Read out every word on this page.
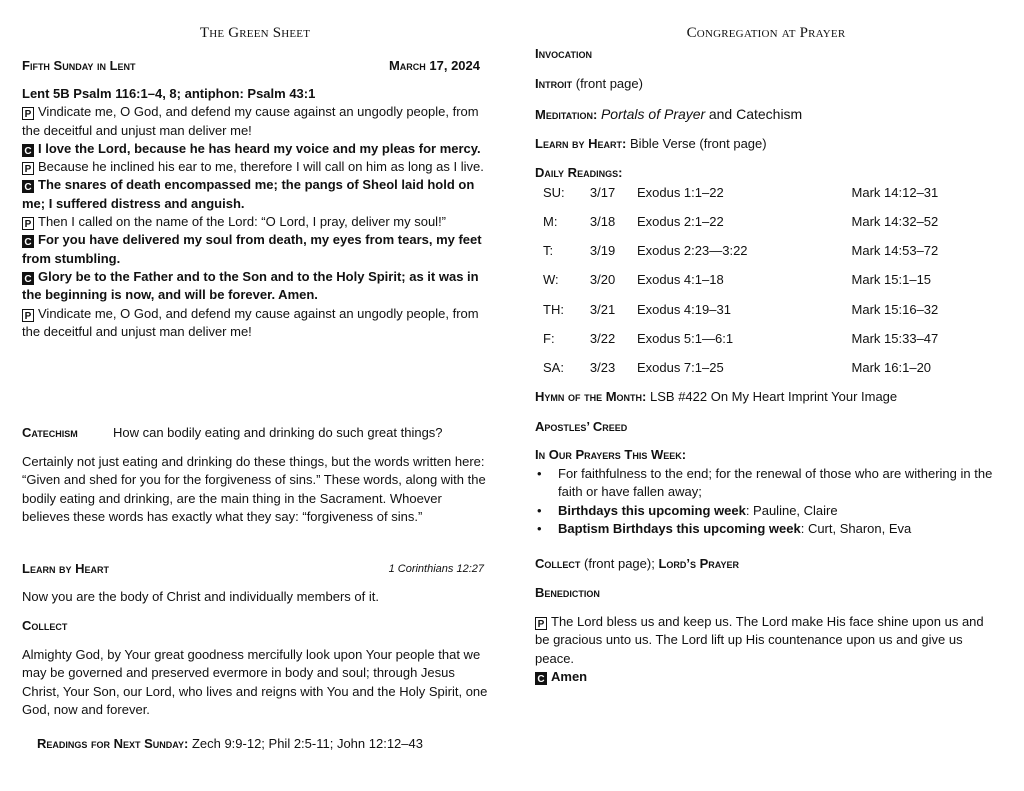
The Green Sheet
Fifth Sunday in Lent	March 17, 2024

Lent 5B Psalm 116:1–4, 8; antiphon: Psalm 43:1

P Vindicate me, O God, and defend my cause against an ungodly people, from the deceitful and unjust man deliver me!

C I love the Lord, because he has heard my voice and my pleas for mercy.

P Because he inclined his ear to me, therefore I will call on him as long as I live.

C The snares of death encompassed me; the pangs of Sheol laid hold on me; I suffered distress and anguish.

P Then I called on the name of the Lord: “O Lord, I pray, deliver my soul!”

C For you have delivered my soul from death, my eyes from tears, my feet from stumbling.

C Glory be to the Father and to the Son and to the Holy Spirit; as it was in the beginning is now, and will be forever. Amen.

P Vindicate me, O God, and defend my cause against an ungodly people, from the deceitful and unjust man deliver me!

Catechism	How can bodily eating and drinking do such great things?
Certainly not just eating and drinking do these things, but the words written here: “Given and shed for you for the forgiveness of sins.” These words, along with the bodily eating and drinking, are the main thing in the Sacrament. Whoever believes these words has exactly what they say: “forgiveness of sins.”
Learn by Heart	1 Corinthians 12:27
Now you are the body of Christ and individually members of it.
Collect
Almighty God, by Your great goodness mercifully look upon Your people that we may be governed and preserved evermore in body and soul; through Jesus Christ, Your Son, our Lord, who lives and reigns with You and the Holy Spirit, one God, now and forever.
Readings for Next Sunday: Zech 9:9-12; Phil 2:5-11; John 12:12–43
Congregation at Prayer
Invocation
Introit (front page)
Meditation: Portals of Prayer and Catechism
Learn by Heart: Bible Verse (front page)
Daily Readings:
SU:	3/17	Exodus 1:1–22	Mark 14:12–31
M:	3/18	Exodus 2:1–22	Mark 14:32–52
T:	3/19	Exodus 2:23—3:22	Mark 14:53–72
W:	3/20	Exodus 4:1–18	Mark 15:1–15
TH:	3/21	Exodus 4:19–31	Mark 15:16–32
F:	3/22	Exodus 5:1—6:1	Mark 15:33–47
SA:	3/23	Exodus 7:1–25	Mark 16:1–20
Hymn of the Month: LSB #422 On My Heart Imprint Your Image
Apostles’ Creed
In Our Prayers This Week:
• For faithfulness to the end; for the renewal of those who are withering in the faith or have fallen away;
• Birthdays this upcoming week: Pauline, Claire
• Baptism Birthdays this upcoming week: Curt, Sharon, Eva
Collect (front page); Lord’s Prayer
Benediction

P The Lord bless us and keep us. The Lord make His face shine upon us and be gracious unto us. The Lord lift up His countenance upon us and give us peace.

C Amen
